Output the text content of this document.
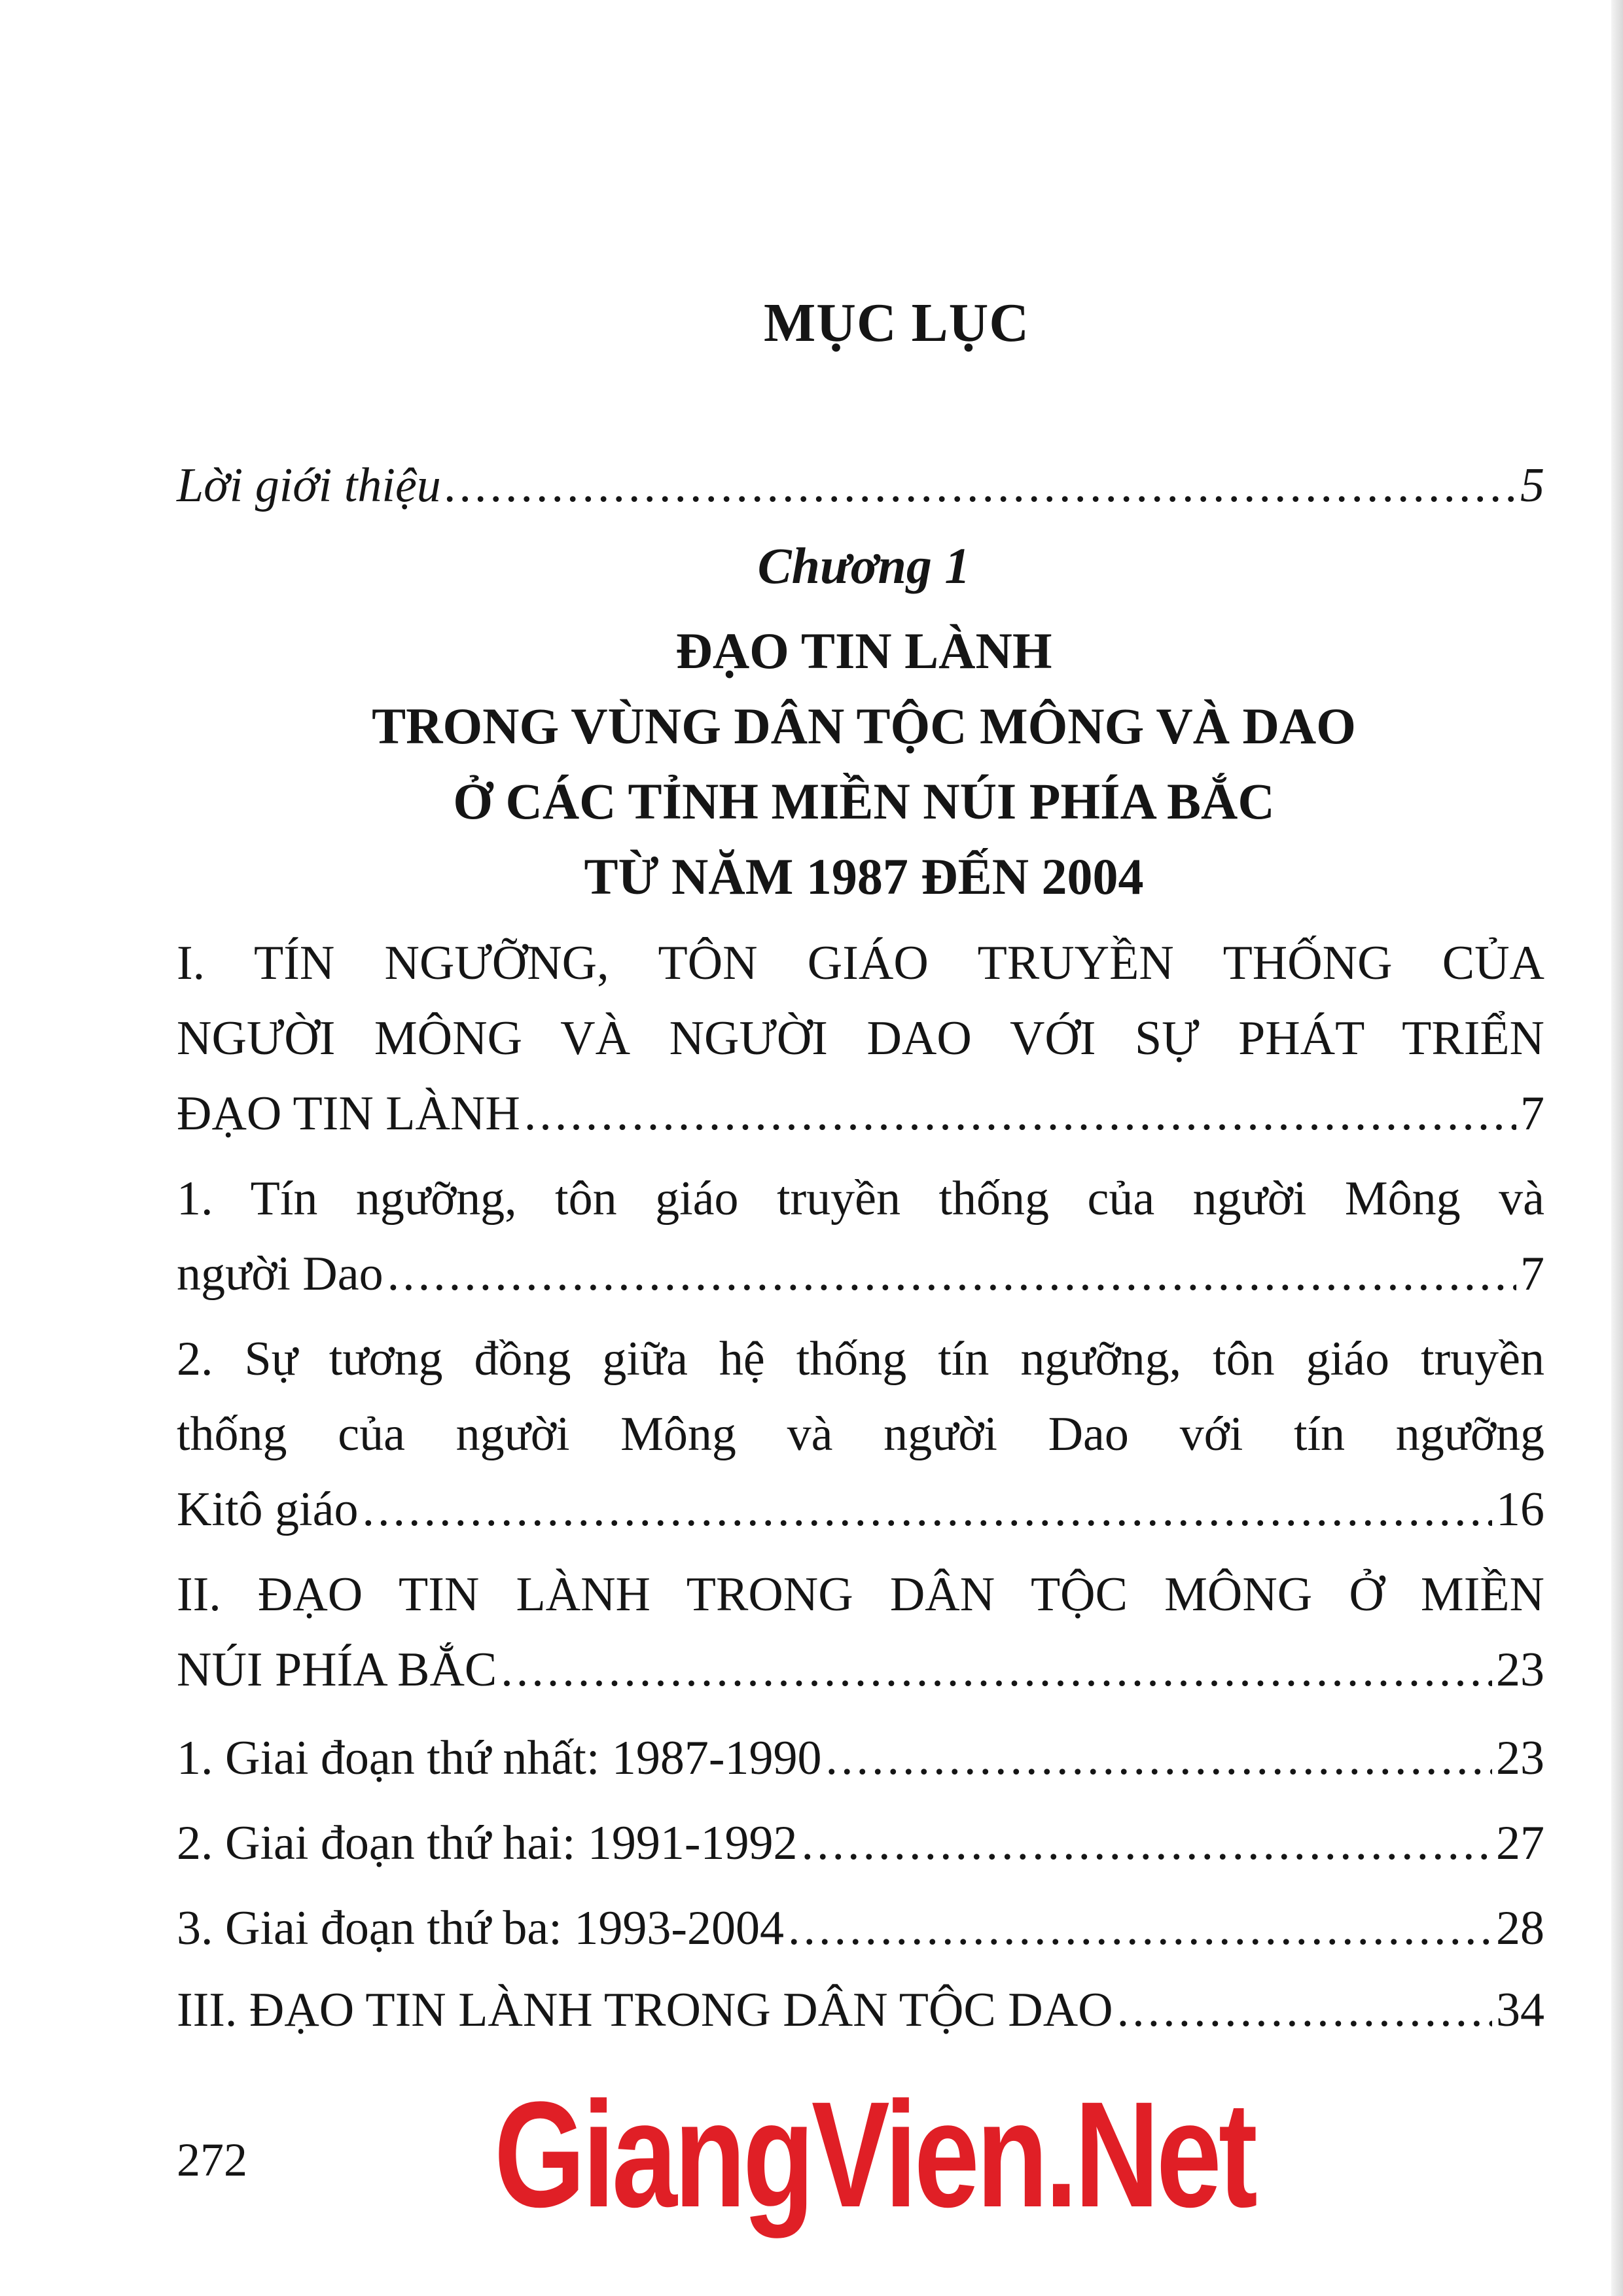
MỤC LỤC
Lời giới thiệu .....	5
Chương 1
ĐẠO TIN LÀNH
TRONG VÙNG DÂN TỘC MÔNG VÀ DAO
Ở CÁC TỈNH MIỀN NÚI PHÍA BẮC
TỪ NĂM 1987 ĐẾN 2004
I. TÍN NGƯỠNG, TÔN GIÁO TRUYỀN THỐNG CỦA
NGƯỜI MÔNG VÀ NGƯỜI DAO VỚI SỰ PHÁT TRIỂN
ĐẠO TIN LÀNH .....	7
1. Tín ngưỡng, tôn giáo truyền thống của người Mông và
người Dao .....	7
2. Sự tương đồng giữa hệ thống tín ngưỡng, tôn giáo truyền
thống của người Mông và người Dao với tín ngưỡng
Kitô giáo .....	16
II. ĐẠO TIN LÀNH TRONG DÂN TỘC MÔNG Ở MIỀN
NÚI PHÍA BẮC .....	23
1. Giai đoạn thứ nhất: 1987-1990 .....	23
2. Giai đoạn thứ hai: 1991-1992 .....	27
3. Giai đoạn thứ ba: 1993-2004 .....	28
III. ĐẠO TIN LÀNH TRONG DÂN TỘC DAO .....	34
272 GiangVien.Net
